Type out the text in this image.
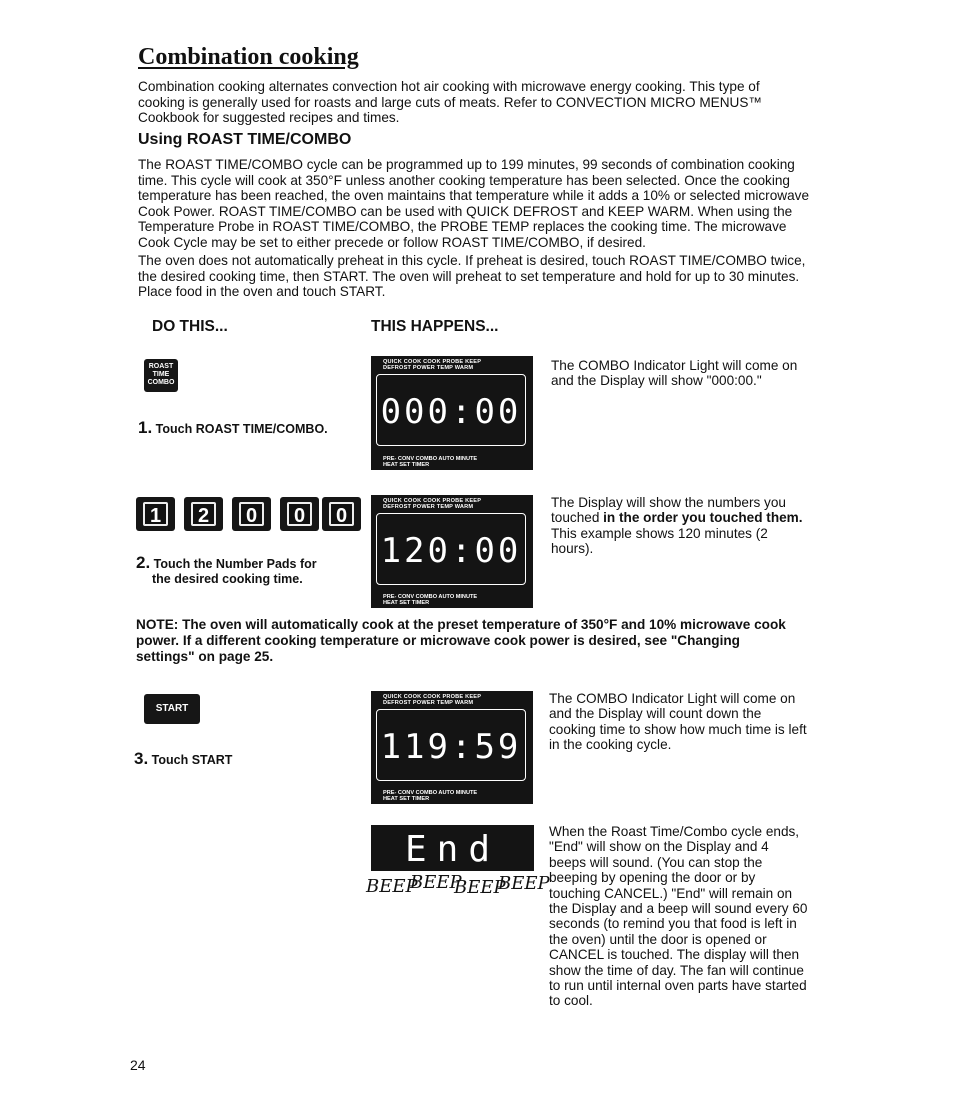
Combination cooking

Combination cooking alternates convection hot air cooking with microwave energy cooking. This type of cooking is generally used for roasts and large cuts of meats. Refer to CONVECTION MICRO MENUS™ Cookbook for suggested recipes and times.

Using ROAST TIME/COMBO

The ROAST TIME/COMBO cycle can be programmed up to 199 minutes, 99 seconds of combination cooking time. This cycle will cook at 350°F unless another cooking temperature has been selected. Once the cooking temperature has been reached, the oven maintains that temperature while it adds a 10% or selected microwave Cook Power. ROAST TIME/COMBO can be used with QUICK DEFROST and KEEP WARM. When using the Temperature Probe in ROAST TIME/COMBO, the PROBE TEMP replaces the cooking time. The microwave Cook Cycle may be set to either precede or follow ROAST TIME/COMBO, if desired.

The oven does not automatically preheat in this cycle. If preheat is desired, touch ROAST TIME/COMBO twice, the desired cooking time, then START. The oven will preheat to set temperature and hold for up to 30 minutes. Place food in the oven and touch START.

DO THIS...	THIS HAPPENS...
ROAST
TIME
COMBO

1. Touch ROAST TIME/COMBO.

QUICK COOK COOK PROBE KEEP
DEFROST POWER TEMP WARM
000:00
PRE- CONV COMBO AUTO MINUTE
HEAT SET TIMER

The COMBO Indicator Light will come on and the Display will show "000:00."

1	2	0	0	0

2. Touch the Number Pads for
the desired cooking time.

QUICK COOK COOK PROBE KEEP
DEFROST POWER TEMP WARM
120:00
PRE- CONV COMBO AUTO MINUTE
HEAT SET TIMER

The Display will show the numbers you touched in the order you touched them. This example shows 120 minutes (2 hours).

NOTE: The oven will automatically cook at the preset temperature of 350°F and 10% microwave cook power. If a different cooking temperature or microwave cook power is desired, see "Changing settings" on page 25.

START

3. Touch START

QUICK COOK COOK PROBE KEEP
DEFROST POWER TEMP WARM
119:59
PRE- CONV COMBO AUTO MINUTE
HEAT SET TIMER

The COMBO Indicator Light will come on and the Display will count down the cooking time to show how much time is left in the cooking cycle.

End
BEEP
BEEP
BEEP
BEEP

When the Roast Time/Combo cycle ends, "End" will show on the Display and 4 beeps will sound. (You can stop the beeping by opening the door or by touching CANCEL.) "End" will remain on the Display and a beep will sound every 60 seconds (to remind you that food is left in the oven) until the door is opened or CANCEL is touched. The display will then show the time of day. The fan will continue to run until internal oven parts have started to cool.

24
